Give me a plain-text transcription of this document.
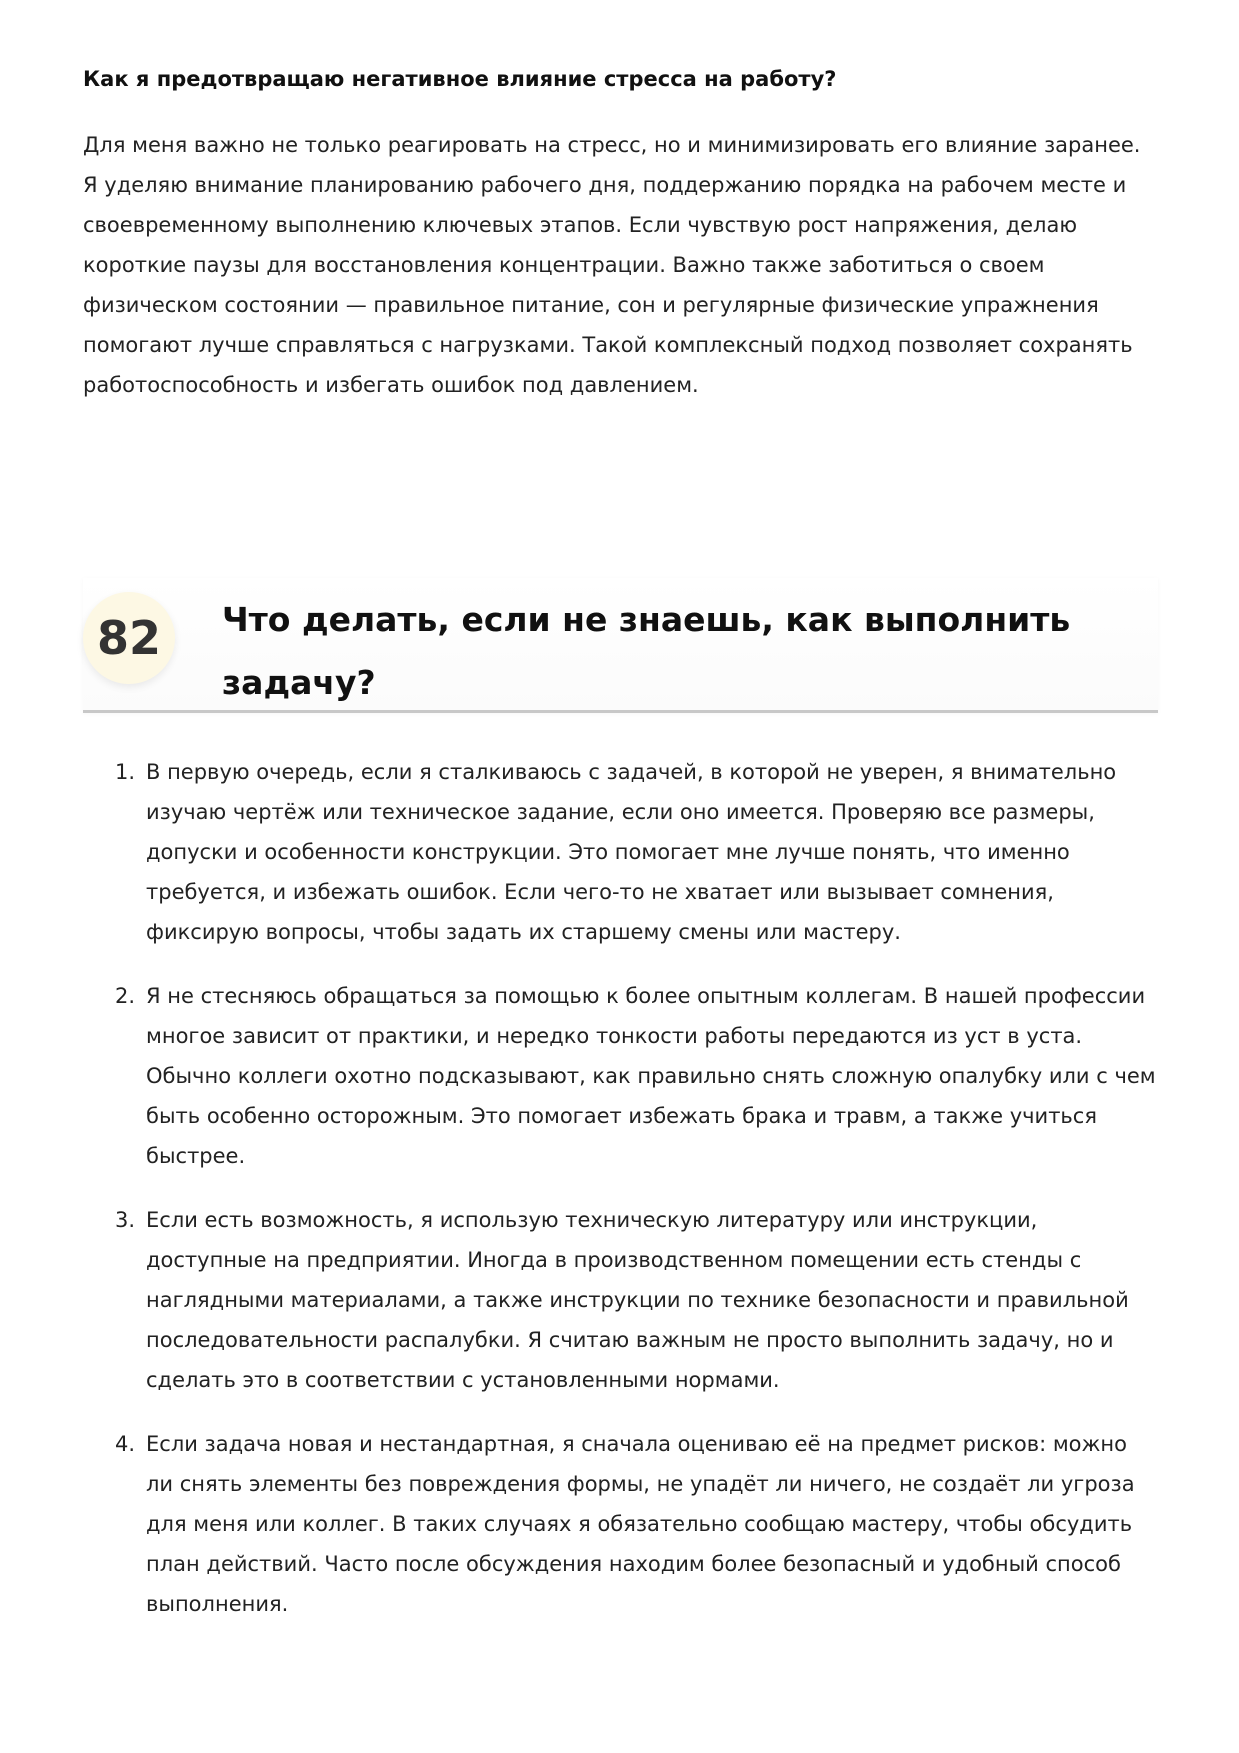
Как я предотвращаю негативное влияние стресса на работу?

Для меня важно не только реагировать на стресс, но и минимизировать его влияние заранее. Я уделяю внимание планированию рабочего дня, поддержанию порядка на рабочем месте и своевременному выполнению ключевых этапов. Если чувствую рост напряжения, делаю короткие паузы для восстановления концентрации. Важно также заботиться о своем физическом состоянии — правильное питание, сон и регулярные физические упражнения помогают лучше справляться с нагрузками. Такой комплексный подход позволяет сохранять работоспособность и избегать ошибок под давлением.

82	Что делать, если не знаешь, как выполнить задачу?
1. В первую очередь, если я сталкиваюсь с задачей, в которой не уверен, я внимательно изучаю чертёж или техническое задание, если оно имеется. Проверяю все размеры, допуски и особенности конструкции. Это помогает мне лучше понять, что именно требуется, и избежать ошибок. Если чего-то не хватает или вызывает сомнения, фиксирую вопросы, чтобы задать их старшему смены или мастеру.
2. Я не стесняюсь обращаться за помощью к более опытным коллегам. В нашей профессии многое зависит от практики, и нередко тонкости работы передаются из уст в уста. Обычно коллеги охотно подсказывают, как правильно снять сложную опалубку или с чем быть особенно осторожным. Это помогает избежать брака и травм, а также учиться быстрее.
3. Если есть возможность, я использую техническую литературу или инструкции, доступные на предприятии. Иногда в производственном помещении есть стенды с наглядными материалами, а также инструкции по технике безопасности и правильной последовательности распалубки. Я считаю важным не просто выполнить задачу, но и сделать это в соответствии с установленными нормами.
4. Если задача новая и нестандартная, я сначала оцениваю её на предмет рисков: можно ли снять элементы без повреждения формы, не упадёт ли ничего, не создаёт ли угроза для меня или коллег. В таких случаях я обязательно сообщаю мастеру, чтобы обсудить план действий. Часто после обсуждения находим более безопасный и удобный способ выполнения.
